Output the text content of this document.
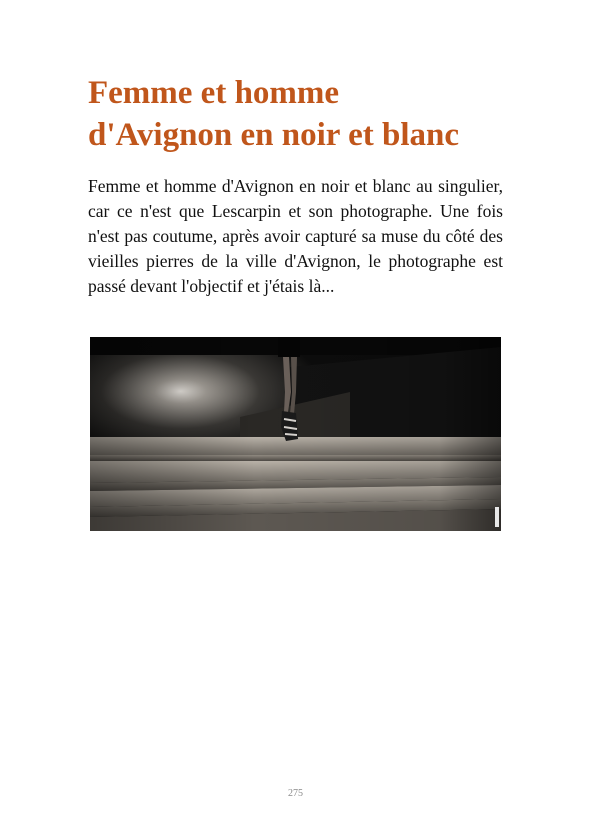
Femme et homme
d'Avignon en noir et blanc

Femme et homme d'Avignon en noir et blanc au singulier, car ce n'est que Lescarpin et son photographe. Une fois n'est pas coutume, après avoir capturé sa muse du côté des vieilles pierres de la ville d'Avignon, le photographe est passé devant l'objectif et j'étais là...

275
